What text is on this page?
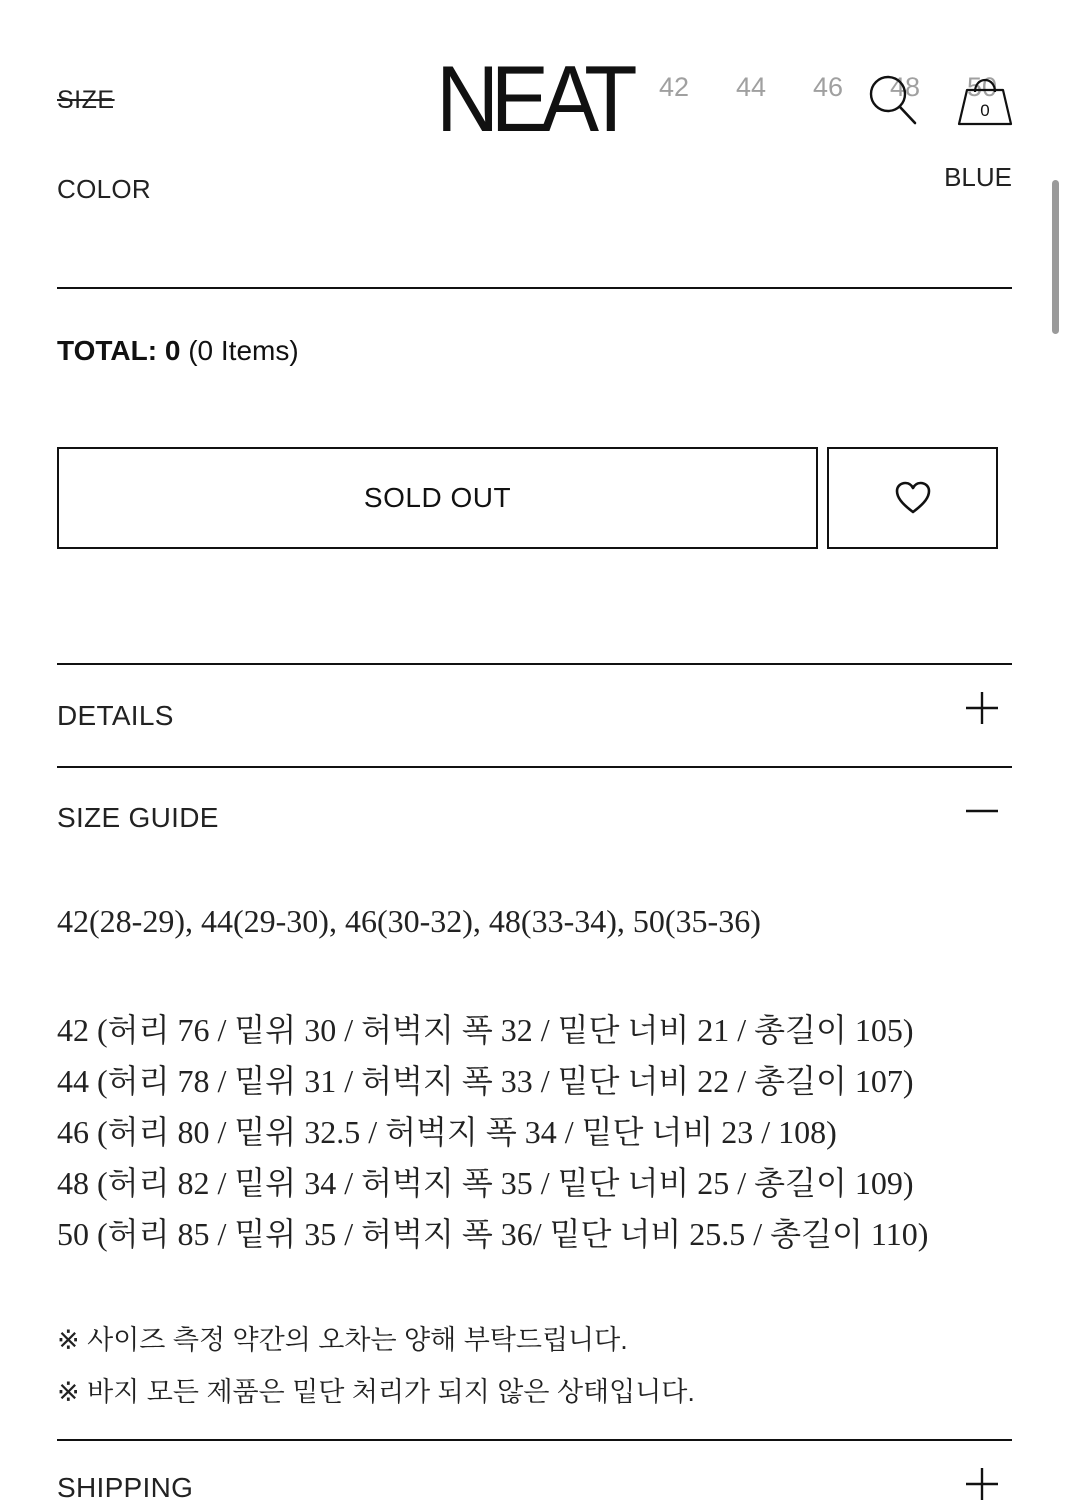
SIZE	NEAT 42 44 46 48 50
0
COLOR	BLUE
TOTAL: 0 (0 Items)
SOLD OUT
DETAILS
SIZE GUIDE
42(28-29), 44(29-30), 46(30-32), 48(33-34), 50(35-36)
42 (허리 76 / 밑위 30 / 허벅지 폭 32 / 밑단 너비 21 / 총길이 105)
44 (허리 78 / 밑위 31 / 허벅지 폭 33 / 밑단 너비 22 / 총길이 107)
46 (허리 80 / 밑위 32.5 / 허벅지 폭 34 / 밑단 너비 23 / 108)
48 (허리 82 / 밑위 34 / 허벅지 폭 35 / 밑단 너비 25 / 총길이 109)
50 (허리 85 / 밑위 35 / 허벅지 폭 36/ 밑단 너비 25.5 / 총길이 110)
※ 사이즈 측정 약간의 오차는 양해 부탁드립니다.
※ 바지 모든 제품은 밑단 처리가 되지 않은 상태입니다.
SHIPPING
